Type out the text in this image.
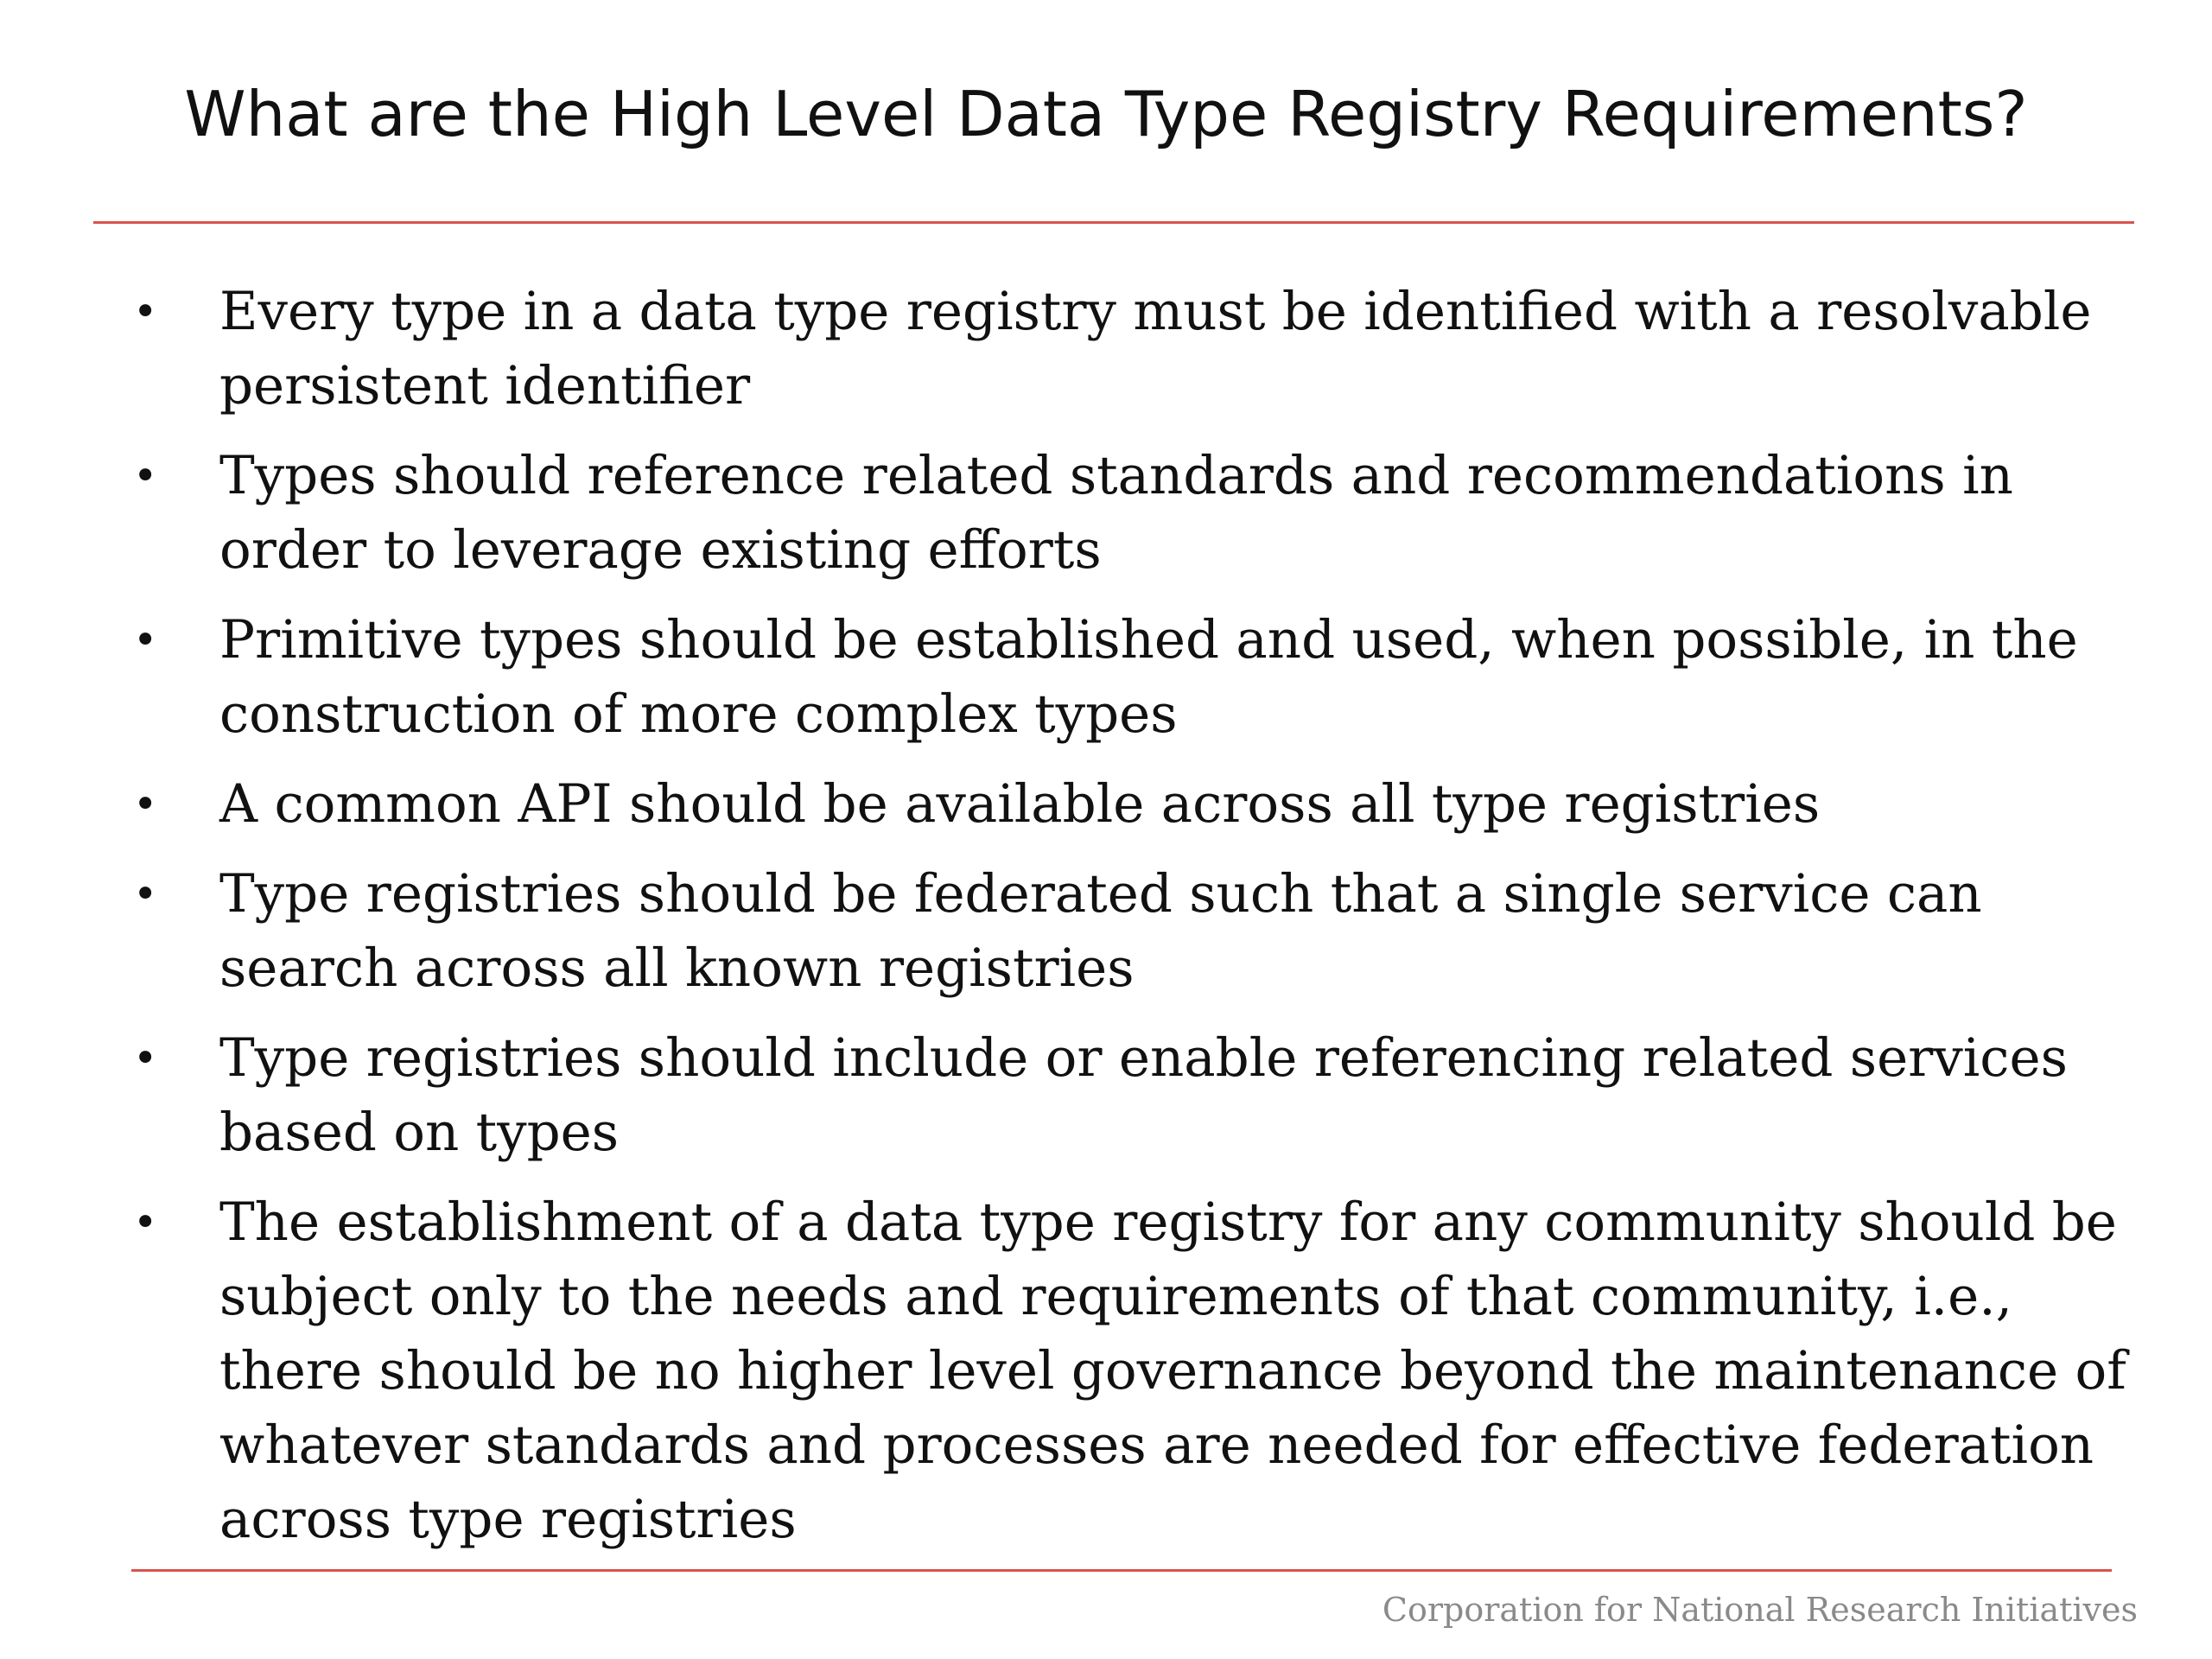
What are the High Level Data Type Registry Requirements?
• Every type in a data type registry must be identified with a resolvable persistent identifier
• Types should reference related standards and recommendations in order to leverage existing efforts
• Primitive types should be established and used, when possible, in the construction of more complex types
• A common API should be available across all type registries
• Type registries should be federated such that a single service can search across all known registries
• Type registries should include or enable referencing related services based on types
• The establishment of a data type registry for any community should be subject only to the needs and requirements of that community, i.e., there should be no higher level governance beyond the maintenance of whatever standards and processes are needed for effective federation across type registries
Corporation for National Research Initiatives
